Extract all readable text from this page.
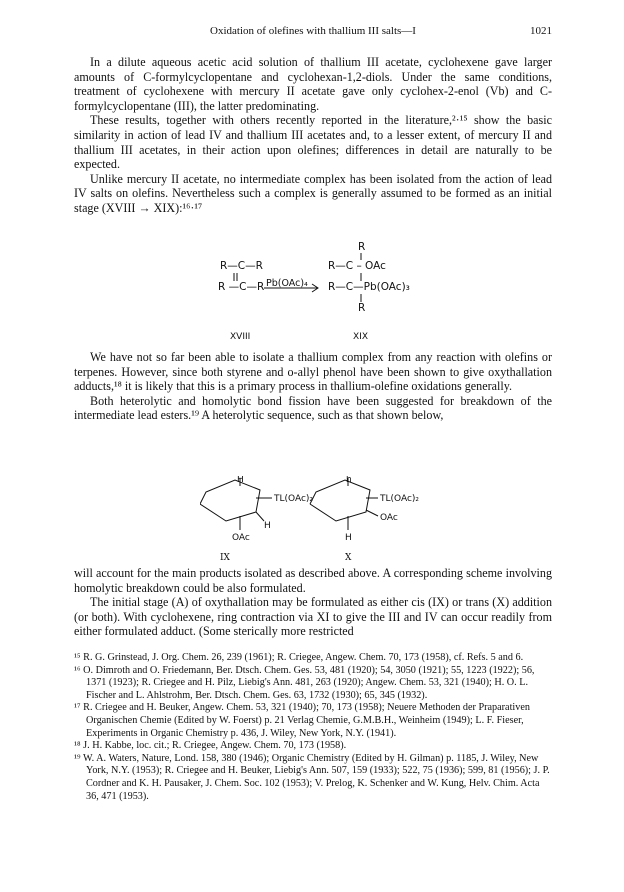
Oxidation of olefines with thallium III salts—I	1021

In a dilute aqueous acetic acid solution of thallium III acetate, cyclohexene gave larger amounts of C-formylcyclopentane and cyclohexan-1,2-diols. Under the same conditions, treatment of cyclohexene with mercury II acetate gave only cyclohex-2-enol (Vb) and C-formylcyclopentane (III), the latter predominating.

These results, together with others recently reported in the literature,²·¹⁵ show the basic similarity in action of lead IV and thallium III acetates and, to a lesser extent, of mercury II and thallium III acetates, in their action upon olefines; differences in detail are naturally to be expected.

Unlike mercury II acetate, no intermediate complex has been isolated from the action of lead IV salts on olefins. Nevertheless such a complex is generally assumed to be formed as an initial stage (XVIII → XIX):¹⁶·¹⁷

R—C—R
R —C—R Pb(OAc)₄
R
R—C – OAc
R—C—Pb(OAc)₃
R
XVIII	XIX

We have not so far been able to isolate a thallium complex from any reaction with olefins or terpenes. However, since both styrene and o-allyl phenol have been shown to give oxythallation adducts,¹⁸ it is likely that this is a primary process in thallium-olefine oxidations generally.

Both heterolytic and homolytic bond fission have been suggested for breakdown of the intermediate lead esters.¹⁹ A heterolytic sequence, such as that shown below,

H
TL(OAc)₂
H
OAc
IX
h
TL(OAc)₂
OAc
H
X

will account for the main products isolated as described above. A corresponding scheme involving homolytic breakdown could be also formulated.

The initial stage (A) of oxythallation may be formulated as either cis (IX) or trans (X) addition (or both). With cyclohexene, ring contraction via XI to give the III and IV can occur readily from either formulated adduct. (Some sterically more restricted

¹⁵ R. G. Grinstead, J. Org. Chem. 26, 239 (1961); R. Criegee, Angew. Chem. 70, 173 (1958), cf. Refs. 5 and 6.

¹⁶ O. Dimroth and O. Friedemann, Ber. Dtsch. Chem. Ges. 53, 481 (1920); 54, 3050 (1921); 55, 1223 (1922); 56, 1371 (1923); R. Criegee and H. Pilz, Liebig's Ann. 481, 263 (1920); Angew. Chem. 53, 321 (1940); H. O. L. Fischer and L. Ahlstrohm, Ber. Dtsch. Chem. Ges. 63, 1732 (1930); 65, 345 (1932).

¹⁷ R. Criegee and H. Beuker, Angew. Chem. 53, 321 (1940); 70, 173 (1958); Neuere Methoden der Praparativen Organischen Chemie (Edited by W. Foerst) p. 21 Verlag Chemie, G.M.B.H., Weinheim (1949); L. F. Fieser, Experiments in Organic Chemistry p. 436, J. Wiley, New York, N.Y. (1941).

¹⁸ J. H. Kabbe, loc. cit.; R. Criegee, Angew. Chem. 70, 173 (1958).

¹⁹ W. A. Waters, Nature, Lond. 158, 380 (1946); Organic Chemistry (Edited by H. Gilman) p. 1185, J. Wiley, New York, N.Y. (1953); R. Criegee and H. Beuker, Liebig's Ann. 507, 159 (1933); 522, 75 (1936); 599, 81 (1956); J. P. Cordner and K. H. Pausaker, J. Chem. Soc. 102 (1953); V. Prelog, K. Schenker and W. Kung, Helv. Chim. Acta 36, 471 (1953).
